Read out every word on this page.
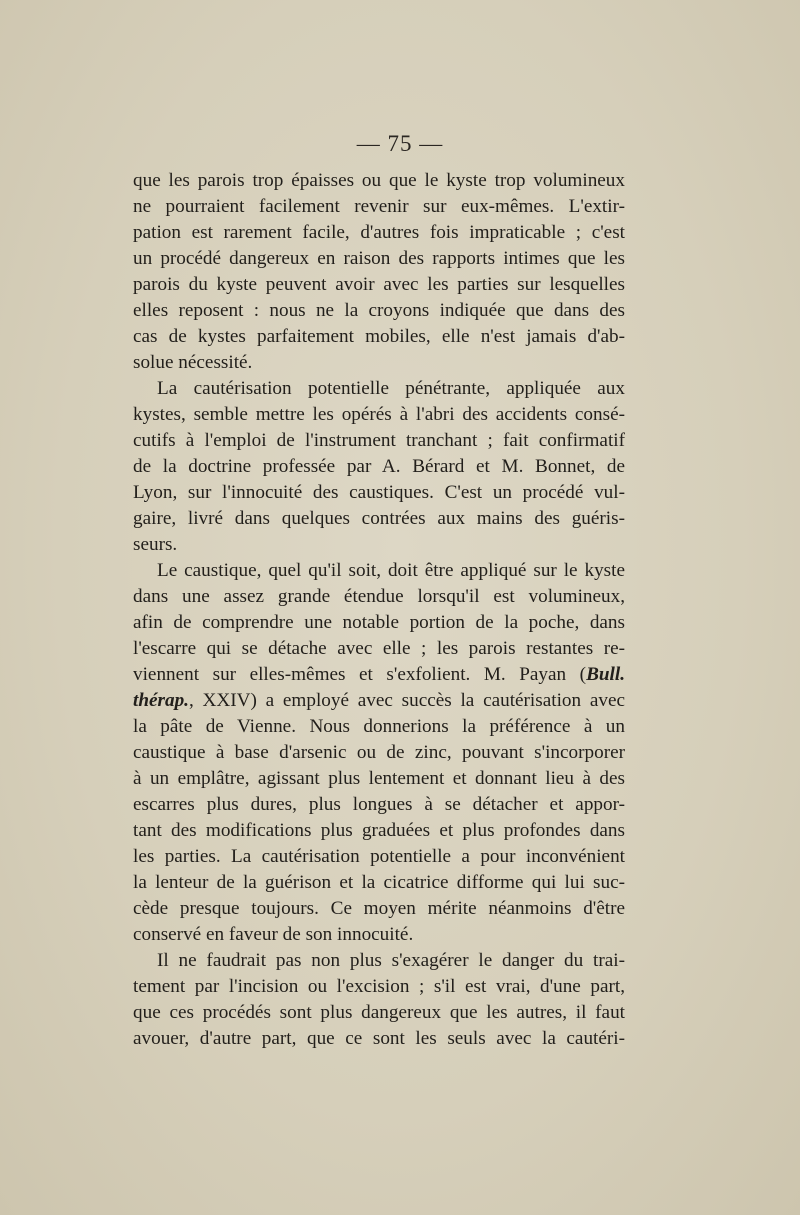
— 75 —
que les parois trop épaisses ou que le kyste trop volumineux
ne pourraient facilement revenir sur eux-mêmes. L'extir-
pation est rarement facile, d'autres fois impraticable ; c'est
un procédé dangereux en raison des rapports intimes que les
parois du kyste peuvent avoir avec les parties sur lesquelles
elles reposent : nous ne la croyons indiquée que dans des
cas de kystes parfaitement mobiles, elle n'est jamais d'ab-
solue nécessité.
La cautérisation potentielle pénétrante, appliquée aux
kystes, semble mettre les opérés à l'abri des accidents consé-
cutifs à l'emploi de l'instrument tranchant ; fait confirmatif
de la doctrine professée par A. Bérard et M. Bonnet, de
Lyon, sur l'innocuité des caustiques. C'est un procédé vul-
gaire, livré dans quelques contrées aux mains des guéris-
seurs.
Le caustique, quel qu'il soit, doit être appliqué sur le kyste
dans une assez grande étendue lorsqu'il est volumineux,
afin de comprendre une notable portion de la poche, dans
l'escarre qui se détache avec elle ; les parois restantes re-
viennent sur elles-mêmes et s'exfolient. M. Payan (Bull.
thérap., XXIV) a employé avec succès la cautérisation avec
la pâte de Vienne. Nous donnerions la préférence à un
caustique à base d'arsenic ou de zinc, pouvant s'incorporer
à un emplâtre, agissant plus lentement et donnant lieu à des
escarres plus dures, plus longues à se détacher et appor-
tant des modifications plus graduées et plus profondes dans
les parties. La cautérisation potentielle a pour inconvénient
la lenteur de la guérison et la cicatrice difforme qui lui suc-
cède presque toujours. Ce moyen mérite néanmoins d'être
conservé en faveur de son innocuité.
Il ne faudrait pas non plus s'exagérer le danger du trai-
tement par l'incision ou l'excision ; s'il est vrai, d'une part,
que ces procédés sont plus dangereux que les autres, il faut
avouer, d'autre part, que ce sont les seuls avec la cautéri-
